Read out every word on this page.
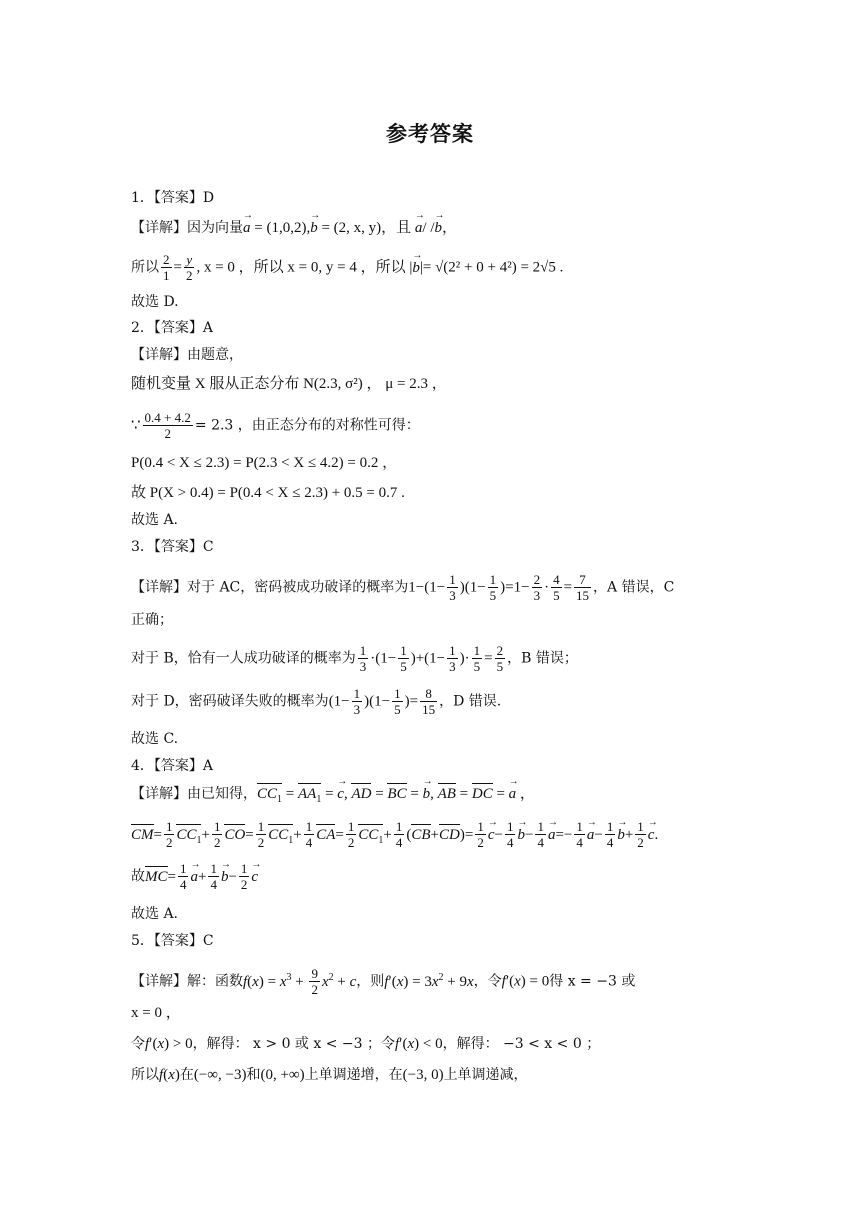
参考答案
1．【答案】D
【详解】因为向量a → = (1,0,2),b → = (2, x, y)，且 a →/ /b →，
所以 $\frac{2}{1} = \frac{y}{2}$ , x = 0 ，所以 x = 0, y = 4 ，所以 |b →|= √(2² + 0 + 4²) = 2√5 .
故选 D.
2．【答案】A
【详解】由题意，
随机变量 X 服从正态分布 N(2.3, σ²) ， μ = 2.3 ，
∵ $\frac{0.4 + 4.2}{2} = 2.3$ ，由正态分布的对称性可得：
P(0.4 < X ≤ 2.3) = P(2.3 < X ≤ 4.2) = 0.2 ，
故 P(X > 0.4) = P(0.4 < X ≤ 2.3) + 0.5 = 0.7 .
故选 A.
3．【答案】C
【详解】对于 AC，密码被成功破译的概率为$1-(1- \frac{1}{3} )(1- \frac{1}{5} )=1- \frac{2}{3} \cdot \frac{4}{5} = \frac{7}{15}$ ，A 错误，C
正确；
对于 B，恰有一人成功破译的概率为 $\frac{1}{3} \cdot(1- \frac{1}{5} )+(1- \frac{1}{3}$ )· $\frac{1}{5} = \frac{2}{5}$ ，B 错误；
对于 D，密码破译失败的概率为$(1- \frac{1}{3} )(1- \frac{1}{5}$ )= $\frac{8}{15}$ ，D 错误.
故选 C.
4．【答案】A
【详解】由已知得，$CC_1 = AA_1 = c$ →, AD = BC = b →, AB = DC = a → ，
$CM= \frac{1}{2} CC_1+ \frac{1}{2} CO= \frac{1}{2} CC_1+ \frac{1}{4} CA= \frac{1}{2} CC_1+ \frac{1}{4} (CB+CD)= \frac{1}{2}$ $c \to- \frac{1}{4}$ $b \to- \frac{1}{4}$ a →=− $\frac{1}{4}$ $a \to- \frac{1}{4}$ $b \to+ \frac{1}{2}$ c →.
故$MC= \frac{1}{4}$ $a \to+ \frac{1}{4}$ $b \to- \frac{1}{2}$ c →
故选 A.
5．【答案】C
【详解】解：函数$f(x) = x^3 + \frac{9}{2} x^2 + c$，则$f'(x) = 3x^2 + 9x$，令f′(x) = 0得 x = −3 或
x = 0 ，
令f′(x) > 0，解得： x > 0 或 x < −3 ；令f′(x) < 0，解得： −3 < x < 0 ；
所以f(x)在(−∞, −3)和(0, +∞)上单调递增，在(−3, 0)上单调递减，
